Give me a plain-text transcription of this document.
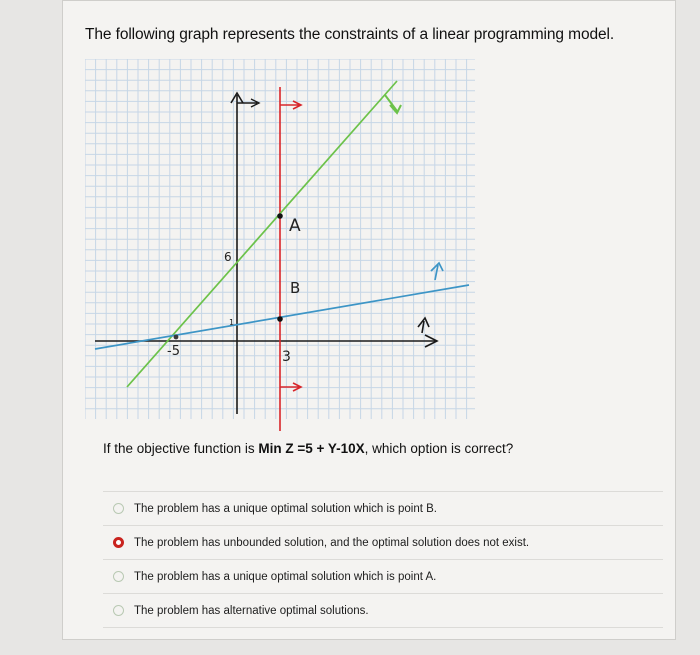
The following graph represents the constraints of a linear programming model.
A
B
6
-5	3
1
If the objective function is Min Z =5 + Y-10X, which option is correct?
The problem has a unique optimal solution which is point B.
The problem has unbounded solution, and the optimal solution does not exist.
The problem has a unique optimal solution which is point A.
The problem has alternative optimal solutions.
